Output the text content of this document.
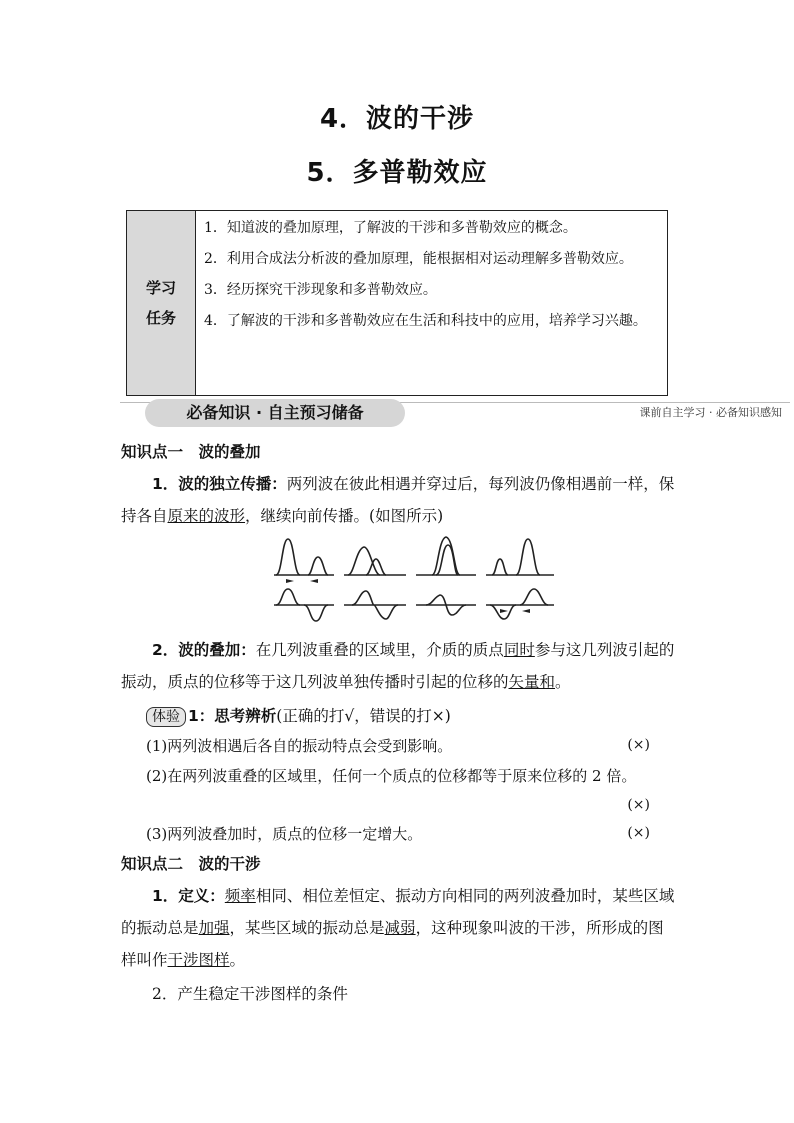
4．波的干涉
5．多普勒效应
学习
任务

1．知道波的叠加原理，了解波的干涉和多普勒效应的概念。

2．利用合成法分析波的叠加原理，能根据相对运动理解多普勒效应。

3．经历探究干涉现象和多普勒效应。

4．了解波的干涉和多普勒效应在生活和科技中的应用，培养学习兴趣。

必备知识 · 自主预习储备	课前自主学习 · 必备知识感知
知识点一　波的叠加
1．波的独立传播：两列波在彼此相遇并穿过后，每列波仍像相遇前一样，保持各自原来的波形，继续向前传播。(如图所示)
2．波的叠加：在几列波重叠的区域里，介质的质点同时参与这几列波引起的振动，质点的位移等于这几列波单独传播时引起的位移的矢量和。
体验 1：思考辨析(正确的打√，错误的打×)
(1)两列波相遇后各自的振动特点会受到影响。	(×)
(2)在两列波重叠的区域里，任何一个质点的位移都等于原来位移的 2 倍。
(×)
(3)两列波叠加时，质点的位移一定增大。	(×)
知识点二　波的干涉
1．定义：频率相同、相位差恒定、振动方向相同的两列波叠加时，某些区域的振动总是加强，某些区域的振动总是减弱，这种现象叫波的干涉，所形成的图样叫作干涉图样。
2．产生稳定干涉图样的条件
